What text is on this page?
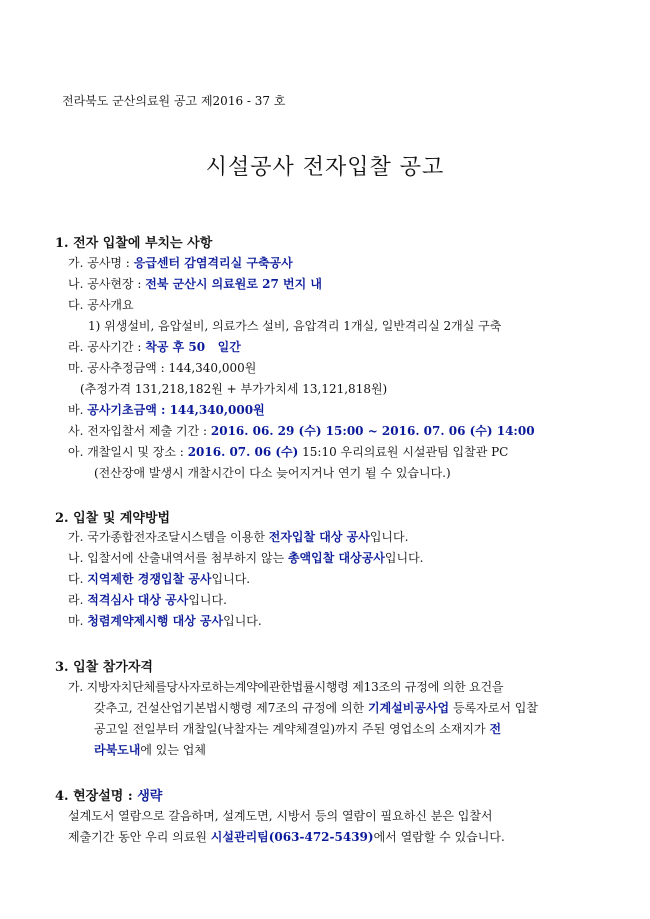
전라북도 군산의료원 공고 제2016 - 37 호
시설공사 전자입찰 공고
1. 전자 입찰에 부치는 사항
가. 공사명 : 응급센터 감염격리실 구축공사
나. 공사현장 : 전북 군산시 의료원로 27 번지 내
다. 공사개요
1) 위생설비, 음압설비, 의료가스 설비, 음압격리 1개실, 일반격리실 2개실 구축
라. 공사기간 : 착공 후 50   일간
마. 공사추정금액 : 144,340,000원
(추정가격 131,218,182원 + 부가가치세 13,121,818원)
바. 공사기초금액 : 144,340,000원
사. 전자입찰서 제출 기간 : 2016. 06. 29 (수) 15:00 ~ 2016. 07. 06 (수) 14:00
아. 개찰일시 및 장소 : 2016. 07. 06 (수) 15:10 우리의료원 시설관팀 입찰관 PC
(전산장애 발생시 개찰시간이 다소 늦어지거나 연기 될 수 있습니다.)
2. 입찰 및 계약방법
가. 국가종합전자조달시스템을 이용한 전자입찰 대상 공사입니다.
나. 입찰서에 산출내역서를 첨부하지 않는 총액입찰 대상공사입니다.
다. 지역제한 경쟁입찰 공사입니다.
라. 적격심사 대상 공사입니다.
마. 청렴계약제시행 대상 공사입니다.
3. 입찰 참가자격
가. 지방자치단체를당사자로하는계약에관한법률시행령 제13조의 규정에 의한 요건을
갖추고, 건설산업기본법시행령 제7조의 규정에 의한 기계설비공사업 등록자로서 입찰
공고일 전일부터 개찰일(낙찰자는 계약체결일)까지 주된 영업소의 소재지가 전
라북도내에 있는 업체
4. 현장설명 : 생략
설계도서 열람으로 갈음하며, 설계도면, 시방서 등의 열람이 필요하신 분은 입찰서
제출기간 동안 우리 의료원 시설관리팀(063-472-5439)에서 열람할 수 있습니다.
